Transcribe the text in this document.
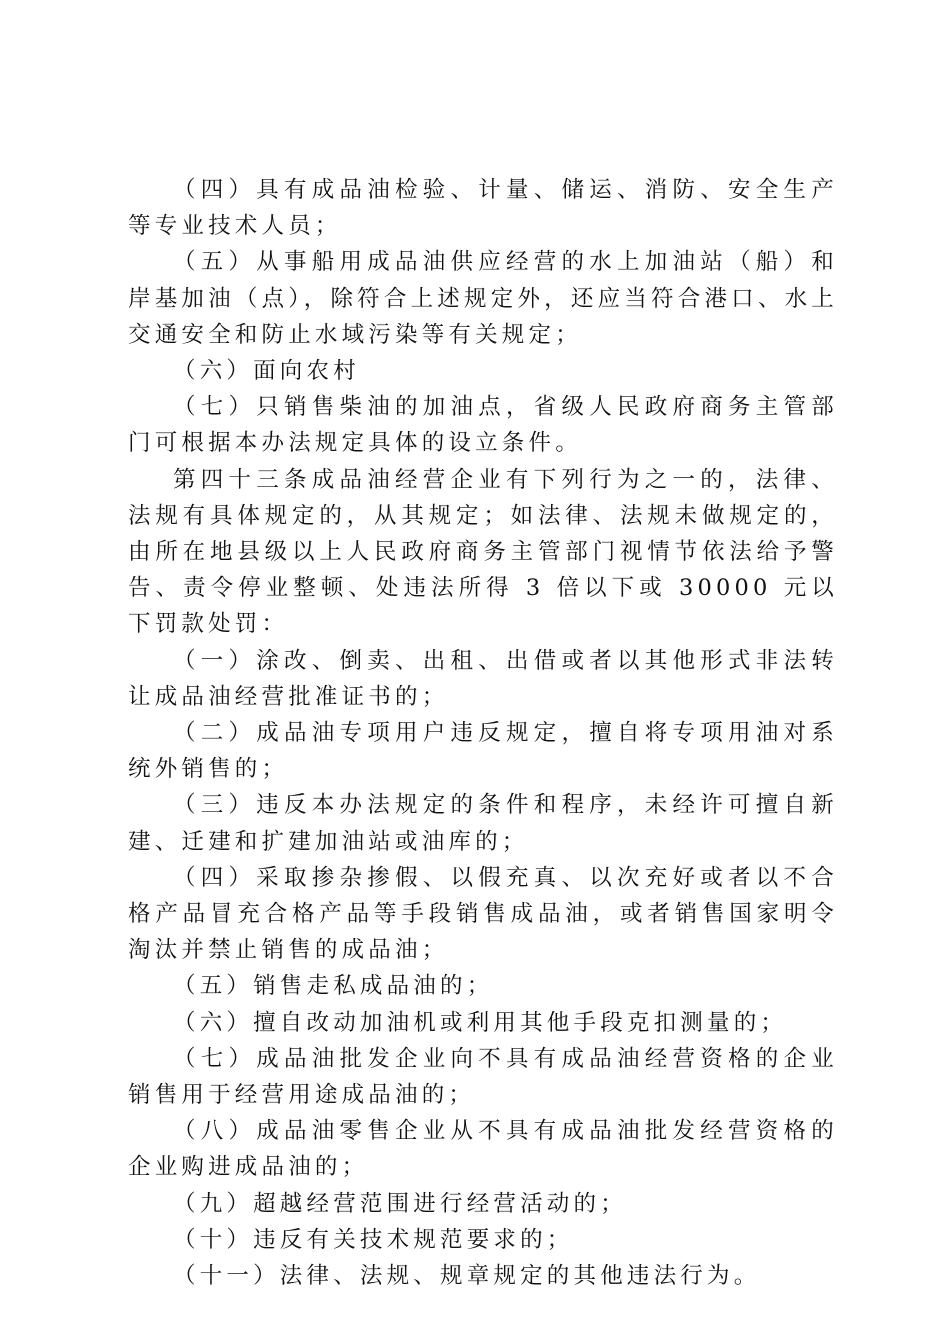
（四）具有成品油检验、计量、储运、消防、安全生产等专业技术人员；

（五）从事船用成品油供应经营的水上加油站（船）和岸基加油（点），除符合上述规定外，还应当符合港口、水上交通安全和防止水域污染等有关规定；

（六）面向农村

（七）只销售柴油的加油点，省级人民政府商务主管部门可根据本办法规定具体的设立条件。

第四十三条成品油经营企业有下列行为之一的，法律、法规有具体规定的，从其规定；如法律、法规未做规定的，由所在地县级以上人民政府商务主管部门视情节依法给予警告、责令停业整顿、处违法所得 3 倍以下或 30000 元以下罚款处罚：

（一）涂改、倒卖、出租、出借或者以其他形式非法转让成品油经营批准证书的；

（二）成品油专项用户违反规定，擅自将专项用油对系统外销售的；

（三）违反本办法规定的条件和程序，未经许可擅自新建、迁建和扩建加油站或油库的；

（四）采取掺杂掺假、以假充真、以次充好或者以不合格产品冒充合格产品等手段销售成品油，或者销售国家明令淘汰并禁止销售的成品油；

（五）销售走私成品油的；

（六）擅自改动加油机或利用其他手段克扣测量的；

（七）成品油批发企业向不具有成品油经营资格的企业销售用于经营用途成品油的；

（八）成品油零售企业从不具有成品油批发经营资格的企业购进成品油的；

（九）超越经营范围进行经营活动的；

（十）违反有关技术规范要求的；

（十一）法律、法规、规章规定的其他违法行为。
